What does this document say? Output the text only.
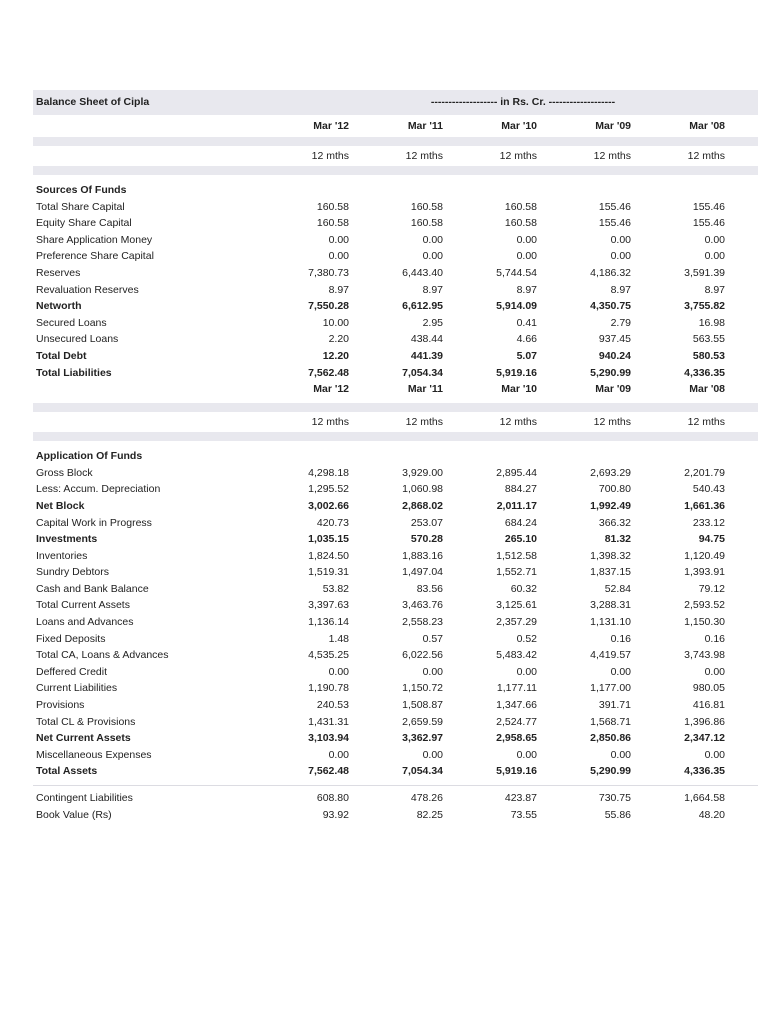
Balance Sheet of Cipla	------------------- in Rs. Cr. -------------------
Mar '12	Mar '11	Mar '10	Mar '09	Mar '08
12 mths	12 mths	12 mths	12 mths	12 mths
Sources Of Funds
Total Share Capital	160.58	160.58	160.58	155.46	155.46
Equity Share Capital	160.58	160.58	160.58	155.46	155.46
Share Application Money	0.00	0.00	0.00	0.00	0.00
Preference Share Capital	0.00	0.00	0.00	0.00	0.00
Reserves	7,380.73	6,443.40	5,744.54	4,186.32	3,591.39
Revaluation Reserves	8.97	8.97	8.97	8.97	8.97
Networth	7,550.28	6,612.95	5,914.09	4,350.75	3,755.82
Secured Loans	10.00	2.95	0.41	2.79	16.98
Unsecured Loans	2.20	438.44	4.66	937.45	563.55
Total Debt	12.20	441.39	5.07	940.24	580.53
Total Liabilities	7,562.48	7,054.34	5,919.16	5,290.99	4,336.35
Mar '12	Mar '11	Mar '10	Mar '09	Mar '08
12 mths	12 mths	12 mths	12 mths	12 mths
Application Of Funds
Gross Block	4,298.18	3,929.00	2,895.44	2,693.29	2,201.79
Less: Accum. Depreciation	1,295.52	1,060.98	884.27	700.80	540.43
Net Block	3,002.66	2,868.02	2,011.17	1,992.49	1,661.36
Capital Work in Progress	420.73	253.07	684.24	366.32	233.12
Investments	1,035.15	570.28	265.10	81.32	94.75
Inventories	1,824.50	1,883.16	1,512.58	1,398.32	1,120.49
Sundry Debtors	1,519.31	1,497.04	1,552.71	1,837.15	1,393.91
Cash and Bank Balance	53.82	83.56	60.32	52.84	79.12
Total Current Assets	3,397.63	3,463.76	3,125.61	3,288.31	2,593.52
Loans and Advances	1,136.14	2,558.23	2,357.29	1,131.10	1,150.30
Fixed Deposits	1.48	0.57	0.52	0.16	0.16
Total CA, Loans & Advances	4,535.25	6,022.56	5,483.42	4,419.57	3,743.98
Deffered Credit	0.00	0.00	0.00	0.00	0.00
Current Liabilities	1,190.78	1,150.72	1,177.11	1,177.00	980.05
Provisions	240.53	1,508.87	1,347.66	391.71	416.81
Total CL & Provisions	1,431.31	2,659.59	2,524.77	1,568.71	1,396.86
Net Current Assets	3,103.94	3,362.97	2,958.65	2,850.86	2,347.12
Miscellaneous Expenses	0.00	0.00	0.00	0.00	0.00
Total Assets	7,562.48	7,054.34	5,919.16	5,290.99	4,336.35
Contingent Liabilities	608.80	478.26	423.87	730.75	1,664.58
Book Value (Rs)	93.92	82.25	73.55	55.86	48.20
